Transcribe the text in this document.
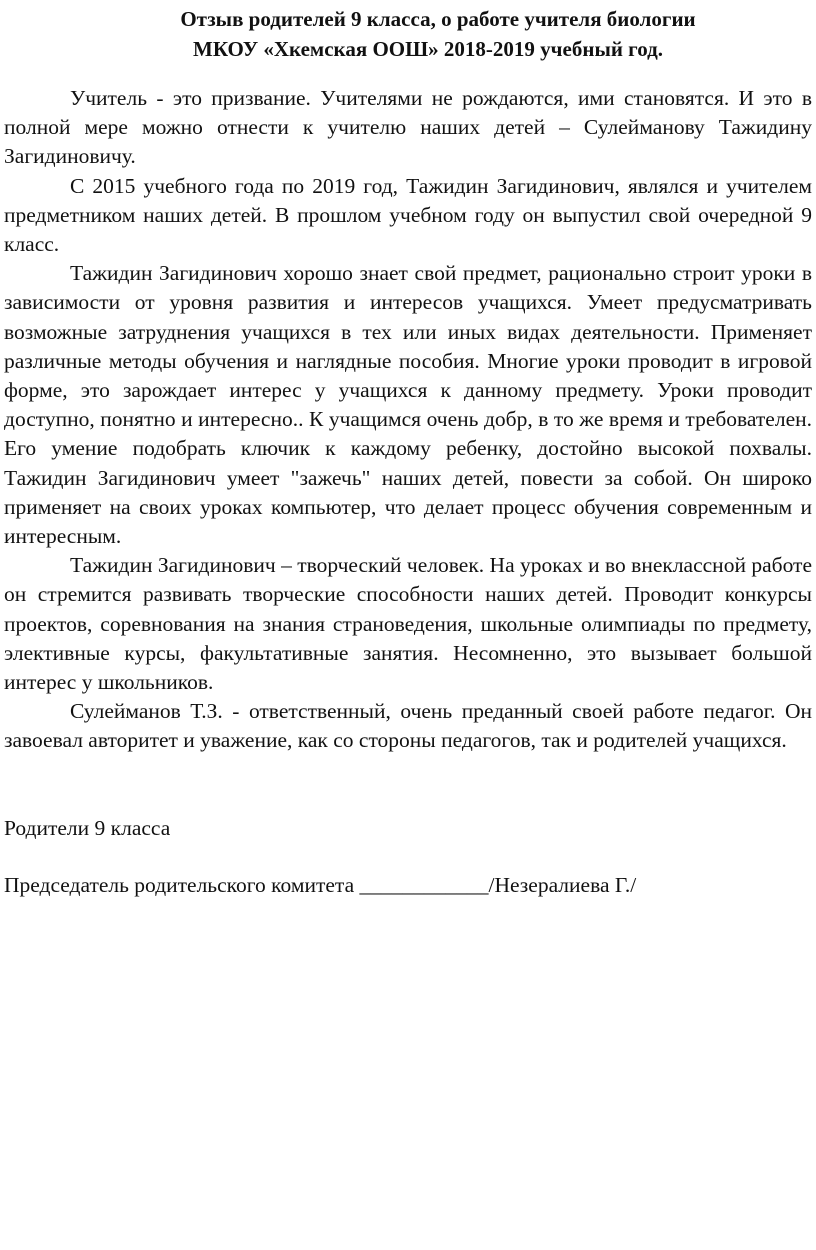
Отзыв родителей 9 класса, о работе учителя биологии
МКОУ «Хкемская ООШ» 2018-2019 учебный год.

Учитель - это призвание. Учителями не рождаются, ими становятся. И это в полной мере можно отнести к учителю наших детей – Сулейманову Тажидину Загидиновичу.

С 2015 учебного года по 2019 год, Тажидин Загидинович, являлся и учителем предметником наших детей. В прошлом учебном году он выпустил свой очередной 9 класс.

Тажидин Загидинович хорошо знает свой предмет, рационально строит уроки в зависимости от уровня развития и интересов учащихся. Умеет предусматривать возможные затруднения учащихся в тех или иных видах деятельности. Применяет различные методы обучения и наглядные пособия. Многие уроки проводит в игровой форме, это зарождает интерес у учащихся к данному предмету. Уроки проводит доступно, понятно и интересно.. К учащимся очень добр, в то же время и требователен. Его умение подобрать ключик к каждому ребенку, достойно высокой похвалы. Тажидин Загидинович умеет "зажечь" наших детей, повести за собой. Он широко применяет на своих уроках компьютер, что делает процесс обучения современным и интересным.

Тажидин Загидинович – творческий человек. На уроках и во внеклассной работе он стремится развивать творческие способности наших детей. Проводит конкурсы проектов, соревнования на знания страноведения, школьные олимпиады по предмету, элективные курсы, факультативные занятия. Несомненно, это вызывает большой интерес у школьников.

Сулейманов Т.З. - ответственный, очень преданный своей работе педагог. Он завоевал авторитет и уважение, как со стороны педагогов, так и родителей учащихся.

Родители 9 класса
Председатель родительского комитета ____________/Незералиева Г./
